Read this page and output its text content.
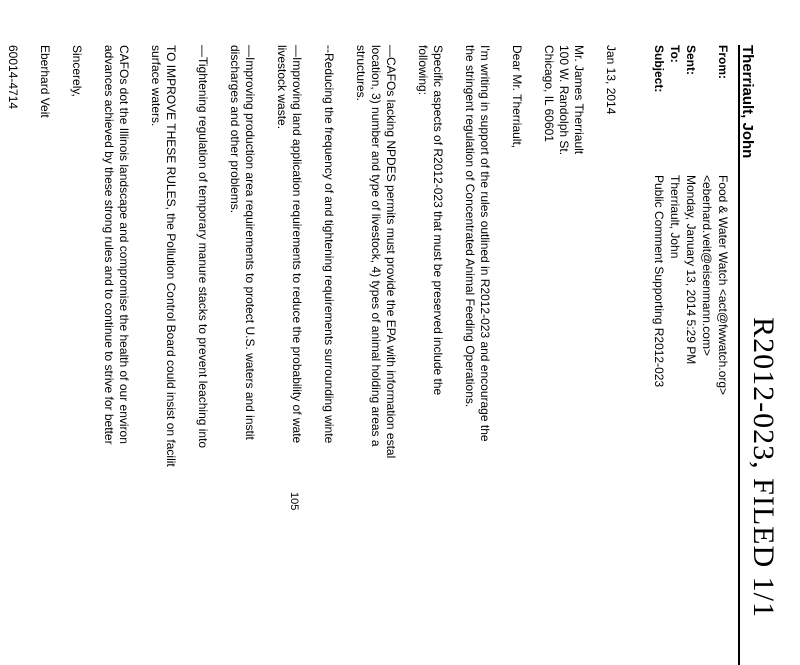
R2012-023, FILED 1/1
Therriault, John
From:
Food & Water Watch <act@fwwatch.org>
<eberhard.veit@eisenmann.com>
Sent:
Monday, January 13, 2014 5:29 PM
To:
Therriault, John
Subject:
Public Comment Supporting R2012-023
Jan 13, 2014
Mr. James Therriault
100 W. Randolph St.
Chicago, IL 60601
Dear Mr. Therriault,
I'm writing in support of the rules outlined in R2012-023 and encourage the
the stringent regulation of Concentrated Animal Feeding Operations.
Specific aspects of R2012-023 that must be preserved include the
following:
—CAFOs lacking NPDES permits must provide the EPA with information estal
location, 3) number and type of livestock, 4) types of animal holding areas a
structures.
--Reducing the frequency of and tightening requirements surrounding winte
—Improving land application requirements to reduce the probability of wate
livestock waste.
—Improving production area requirements to protect U.S. waters and instit
discharges and other problems.
—Tightening regulation of temporary manure stacks to prevent leaching into
TO IMPROVE THESE RULES, the Pollution Control Board could insist on facilit
surface waters.
CAFOs dot the Illinois landscape and compromise the health of our environ
advances achieved by these strong rules and to continue to strive for better
Sincerely,
Eberhard Veit
60014-4714
105
